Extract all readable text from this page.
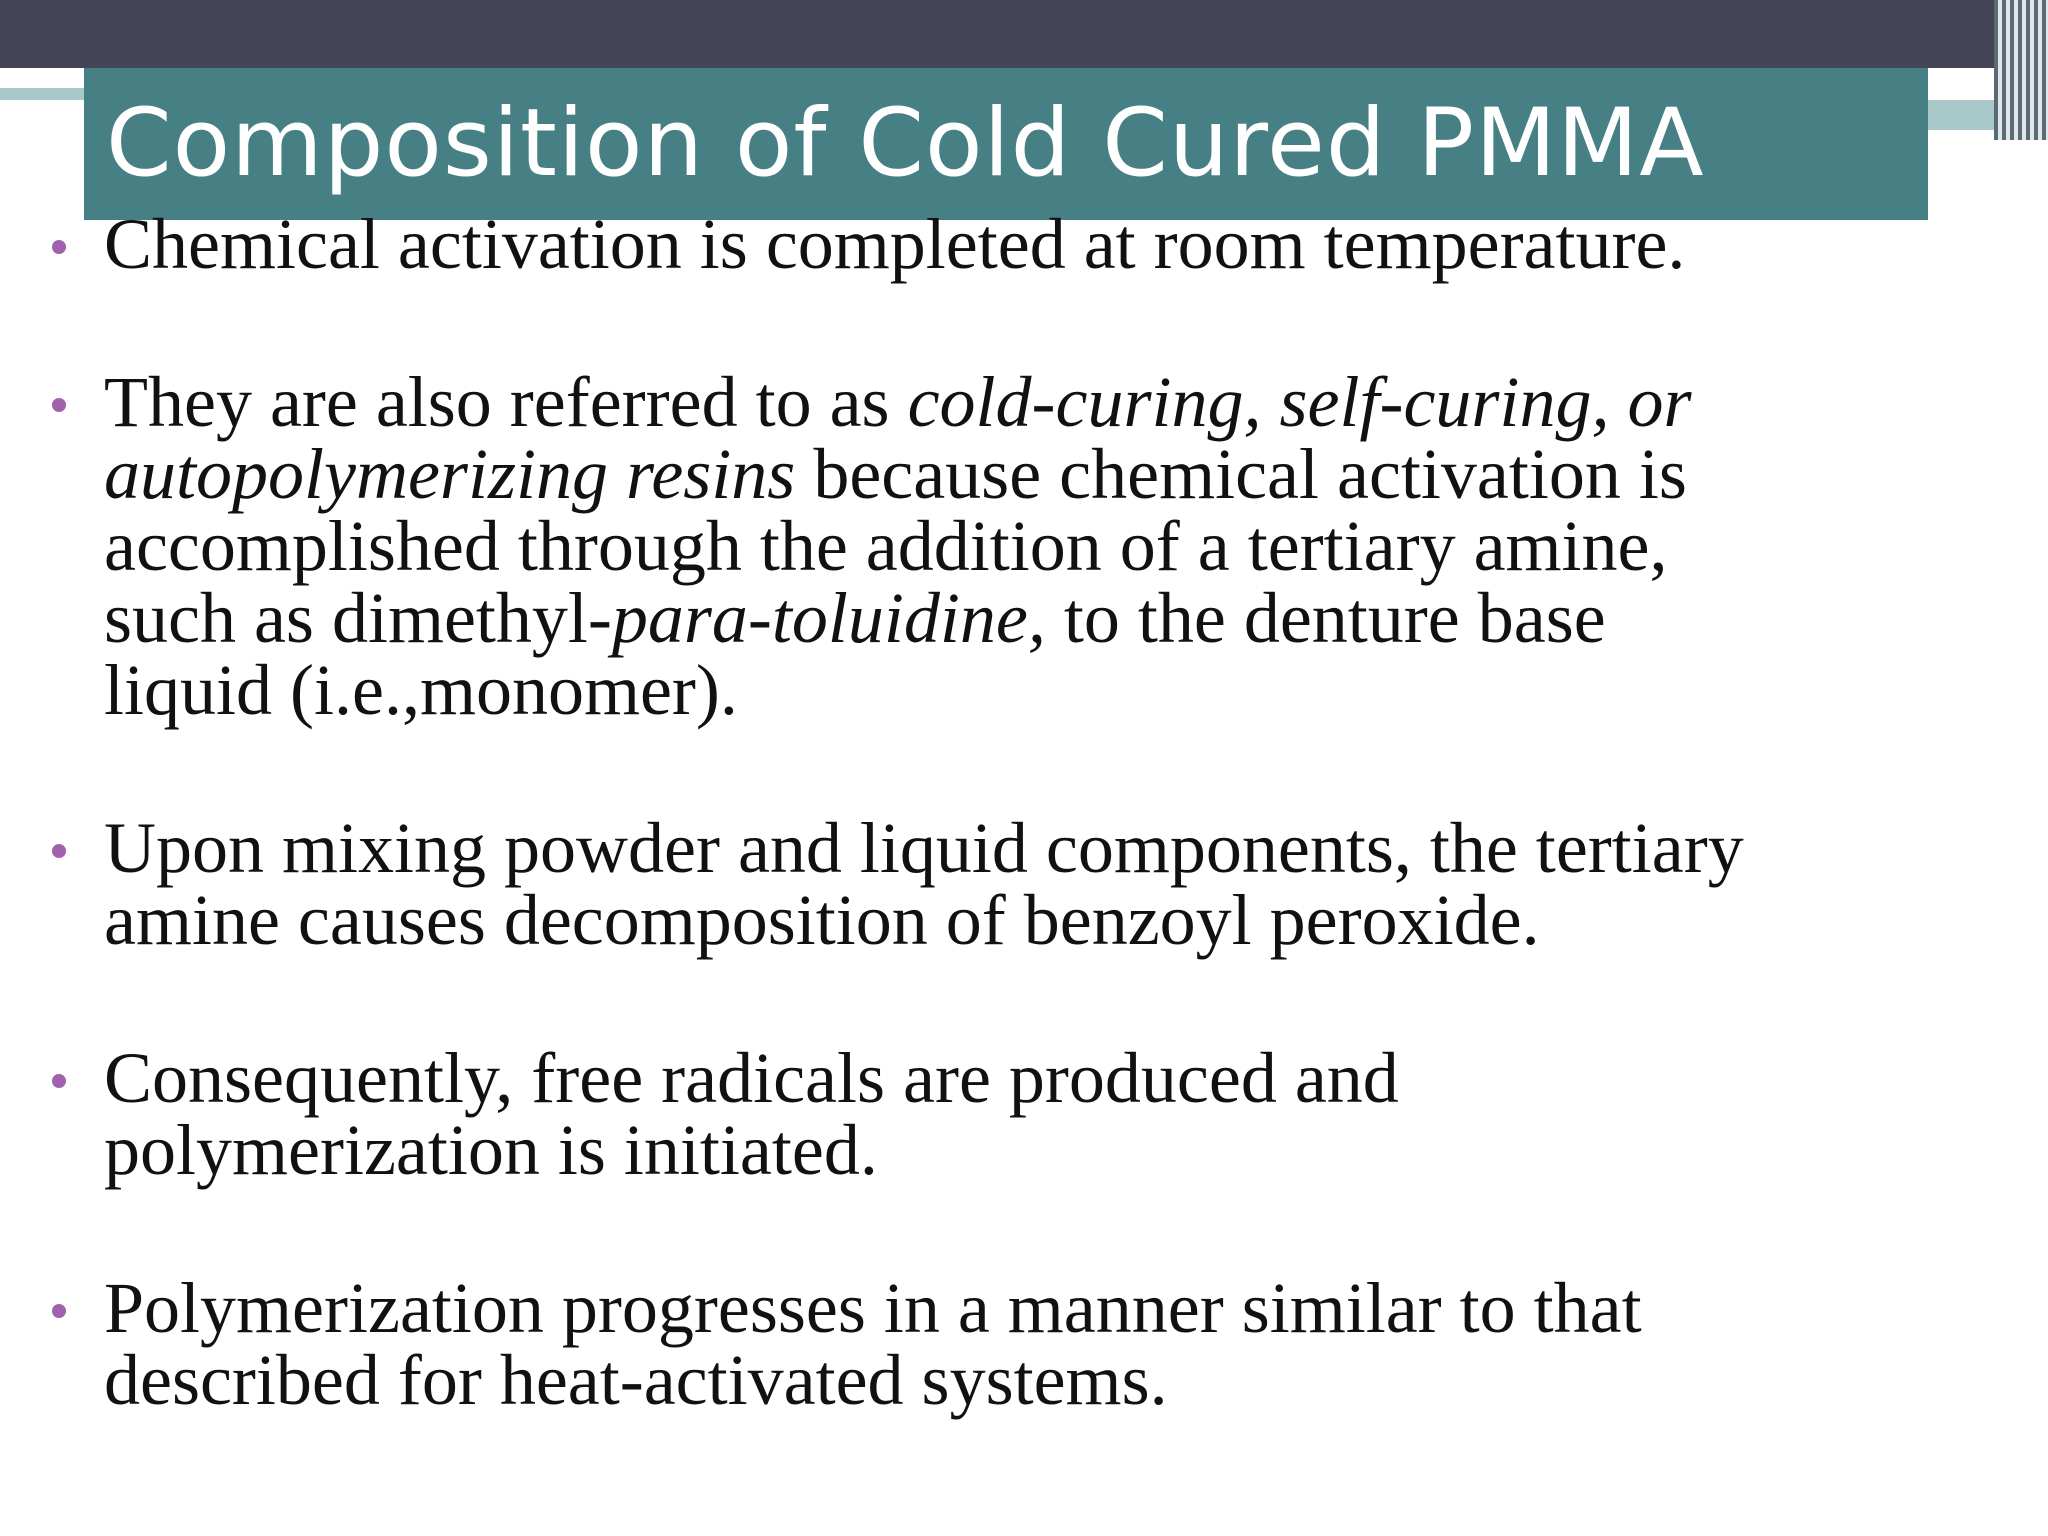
Composition of Cold Cured PMMA
Chemical activation is completed at room temperature.
They are also referred to as cold-curing, self-curing, or
autopolymerizing resins because chemical activation is
accomplished through the addition of a tertiary amine,
such as dimethyl-para-toluidine, to the denture base
liquid (i.e.,monomer).
Upon mixing powder and liquid components, the tertiary
amine causes decomposition of benzoyl peroxide.
Consequently, free radicals are produced and
polymerization is initiated.
Polymerization progresses in a manner similar to that
described for heat-activated systems.
